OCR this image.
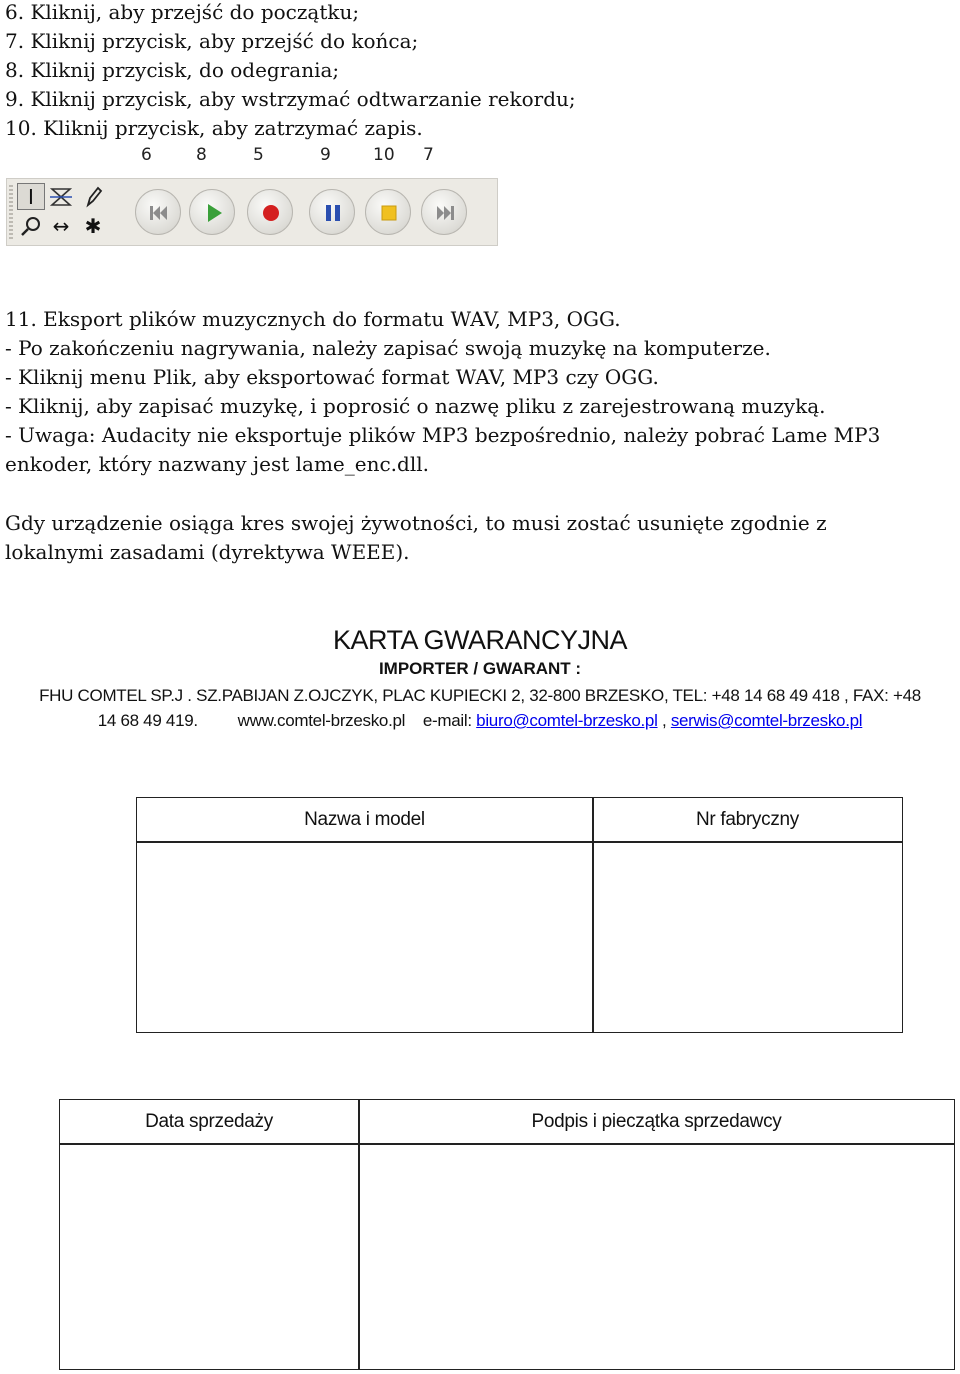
6. Kliknij, aby przejść do początku;
7. Kliknij przycisk, aby przejść do końca;
8. Kliknij przycisk, do odegrania;
9. Kliknij przycisk, aby wstrzymać odtwarzanie rekordu;
10. Kliknij przycisk, aby zatrzymać zapis.
6	8	5	9 10 7
I
↔ ✱
11. Eksport plików muzycznych do formatu WAV, MP3, OGG.
- Po zakończeniu nagrywania, należy zapisać swoją muzykę na komputerze.
- Kliknij menu Plik, aby eksportować format WAV, MP3 czy OGG.
- Kliknij, aby zapisać muzykę, i poprosić o nazwę pliku z zarejestrowaną muzyką.
- Uwaga: Audacity nie eksportuje plików MP3 bezpośrednio, należy pobrać Lame MP3
enkoder, który nazwany jest lame_enc.dll.
Gdy urządzenie osiąga kres swojej żywotności, to musi zostać usunięte zgodnie z
lokalnymi zasadami (dyrektywa WEEE).
KARTA GWARANCYJNA
IMPORTER / GWARANT :
FHU COMTEL SP.J . SZ.PABIJAN Z.OJCZYK, PLAC KUPIECKI 2, 32-800 BRZESKO, TEL: +48 14 68 49 418 , FAX: +48
14 68 49 419.         www.comtel-brzesko.pl    e-mail: biuro@comtel-brzesko.pl , serwis@comtel-brzesko.pl
Nazwa i model	Nr fabryczny
Data sprzedaży	Podpis i pieczątka sprzedawcy
